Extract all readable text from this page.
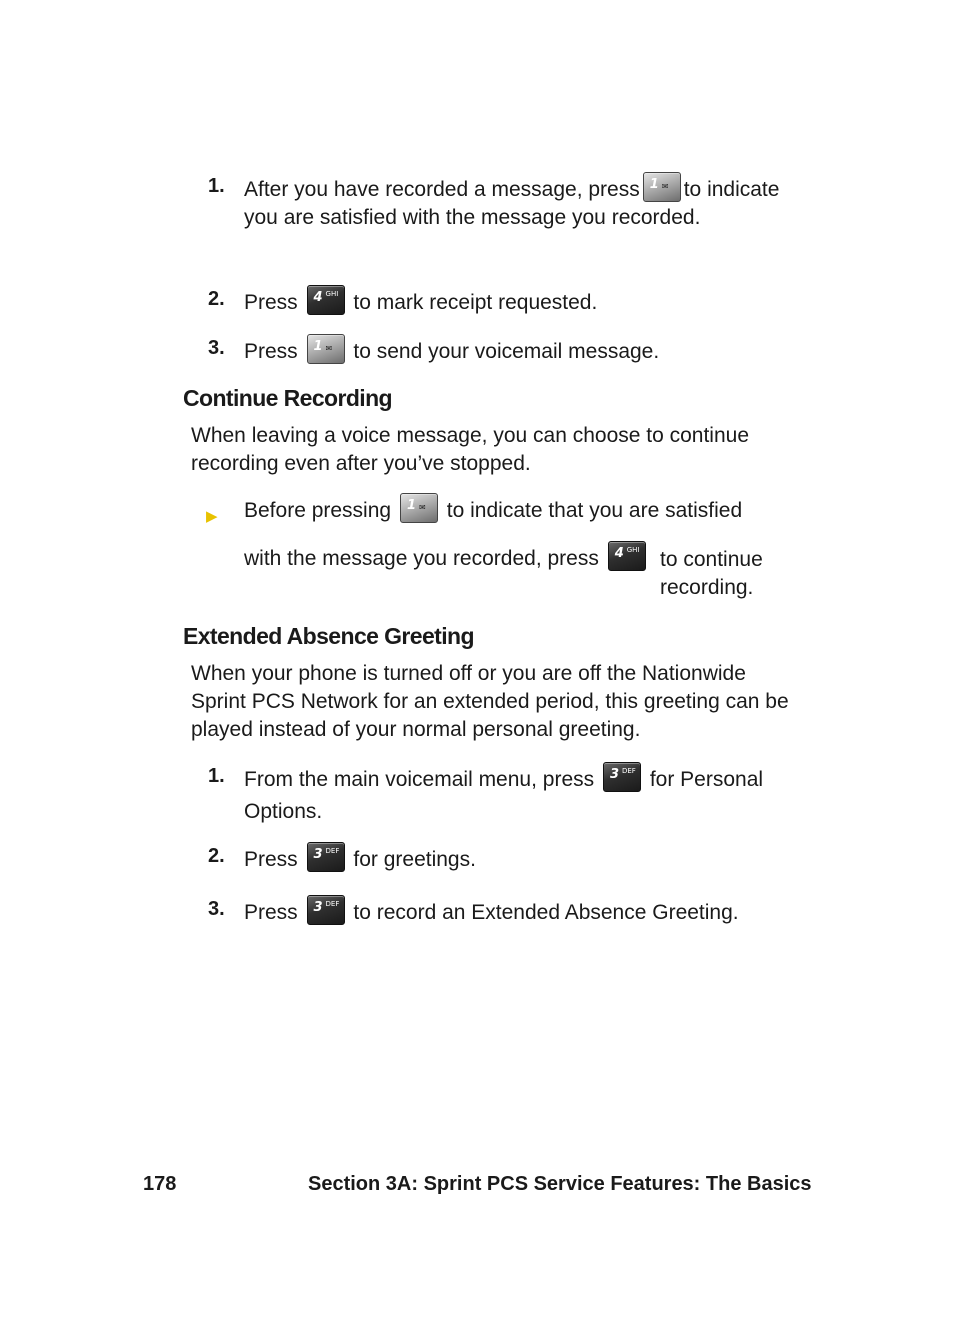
1. After you have recorded a message, press 1 ✉ to indicate you are satisfied with the message you recorded.
2. Press 4 GHI to mark receipt requested.
3. Press 1 ✉ to send your voicemail message.
Continue Recording
When leaving a voice message, you can choose to continue recording even after you’ve stopped.
▶	Before pressing 1 ✉ to indicate that you are satisfied
with the message you recorded, press 4 GHI to continue recording.
Extended Absence Greeting
When your phone is turned off or you are off the Nationwide Sprint PCS Network for an extended period, this greeting can be played instead of your normal personal greeting.
1. From the main voicemail menu, press 3 DEF for Personal Options.
2. Press 3 DEF for greetings.
3. Press 3 DEF to record an Extended Absence Greeting.
178	Section 3A: Sprint PCS Service Features: The Basics
